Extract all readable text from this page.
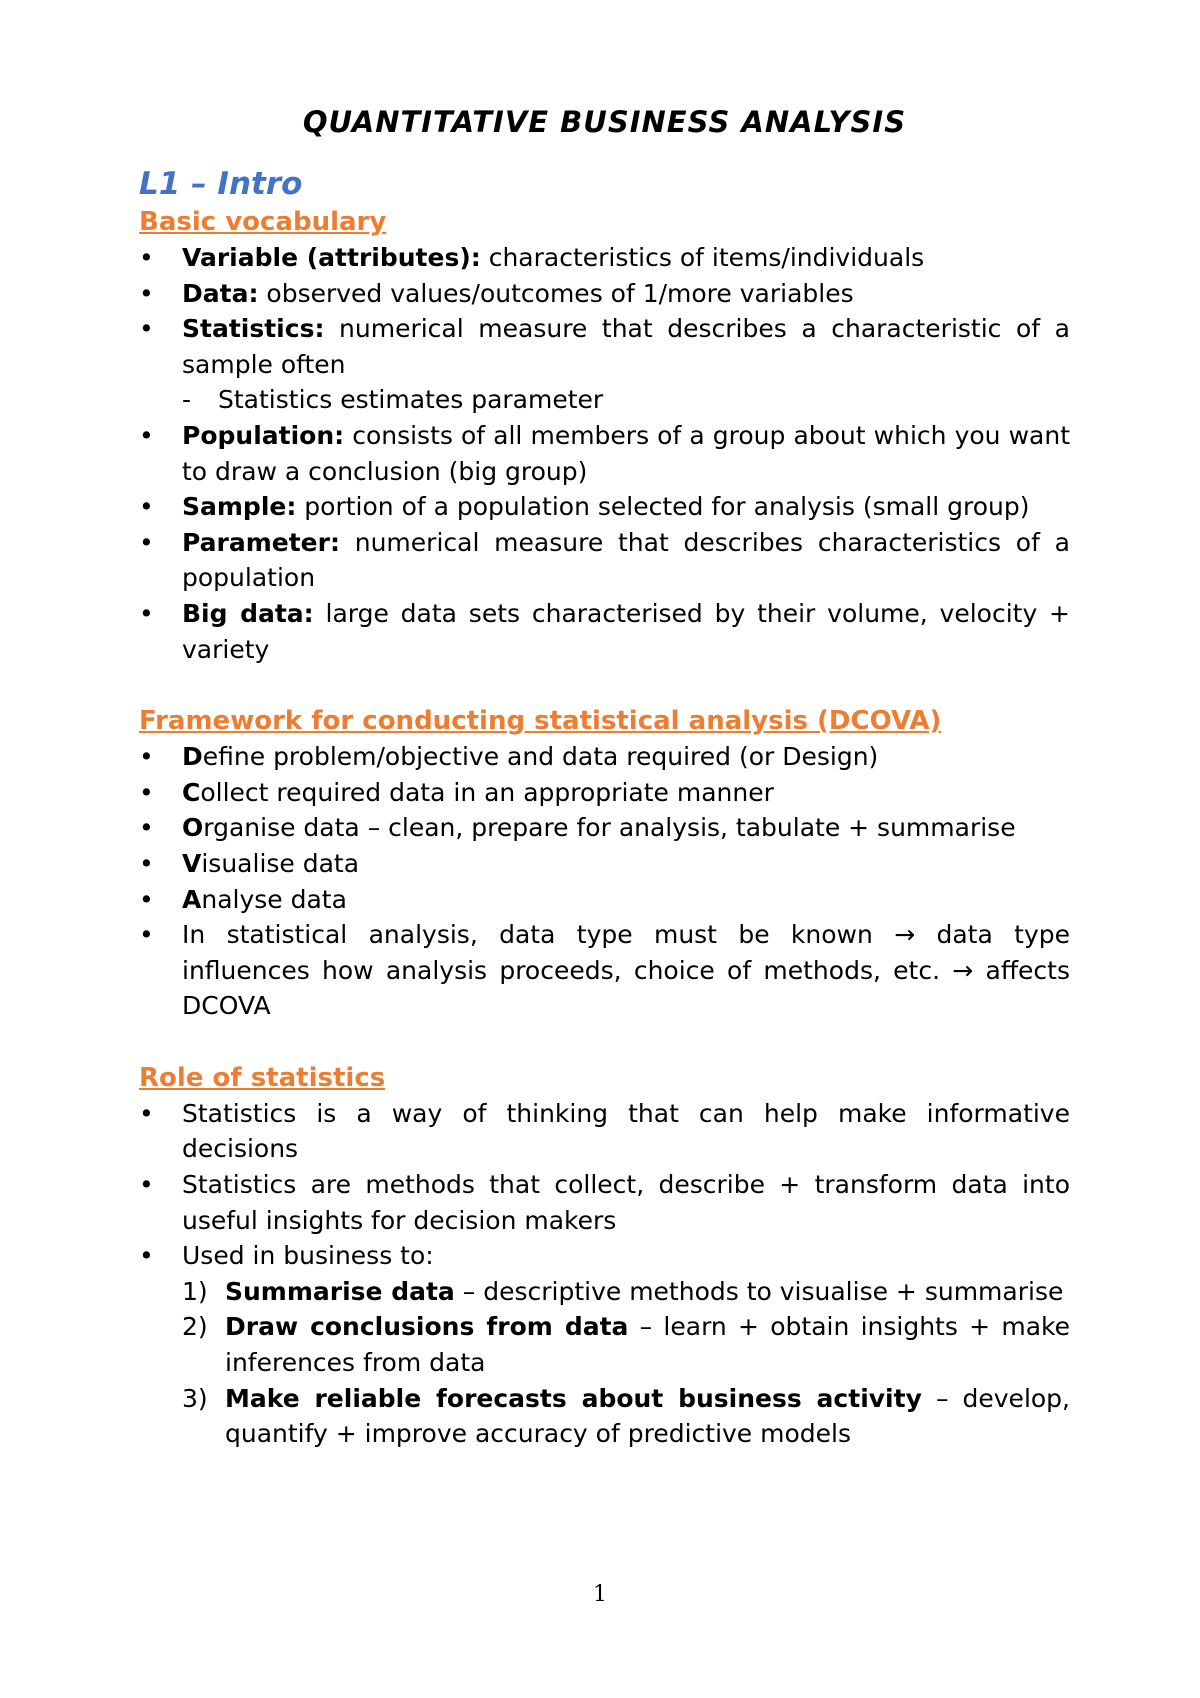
QUANTITATIVE BUSINESS ANALYSIS
L1 – Intro
Basic vocabulary
• Variable (attributes): characteristics of items/individuals
• Data: observed values/outcomes of 1/more variables
• Statistics: numerical measure that describes a characteristic of a sample often
- Statistics estimates parameter
• Population: consists of all members of a group about which you want to draw a conclusion (big group)
• Sample: portion of a population selected for analysis (small group)
• Parameter: numerical measure that describes characteristics of a population
• Big data: large data sets characterised by their volume, velocity + variety
Framework for conducting statistical analysis (DCOVA)
• Define problem/objective and data required (or Design)
• Collect required data in an appropriate manner
• Organise data – clean, prepare for analysis, tabulate + summarise
• Visualise data
• Analyse data
• In statistical analysis, data type must be known → data type influences how analysis proceeds, choice of methods, etc. → affects DCOVA
Role of statistics
• Statistics is a way of thinking that can help make informative decisions
• Statistics are methods that collect, describe + transform data into useful insights for decision makers
• Used in business to:
1) Summarise data – descriptive methods to visualise + summarise
2) Draw conclusions from data – learn + obtain insights + make inferences from data
3) Make reliable forecasts about business activity – develop, quantify + improve accuracy of predictive models
1
